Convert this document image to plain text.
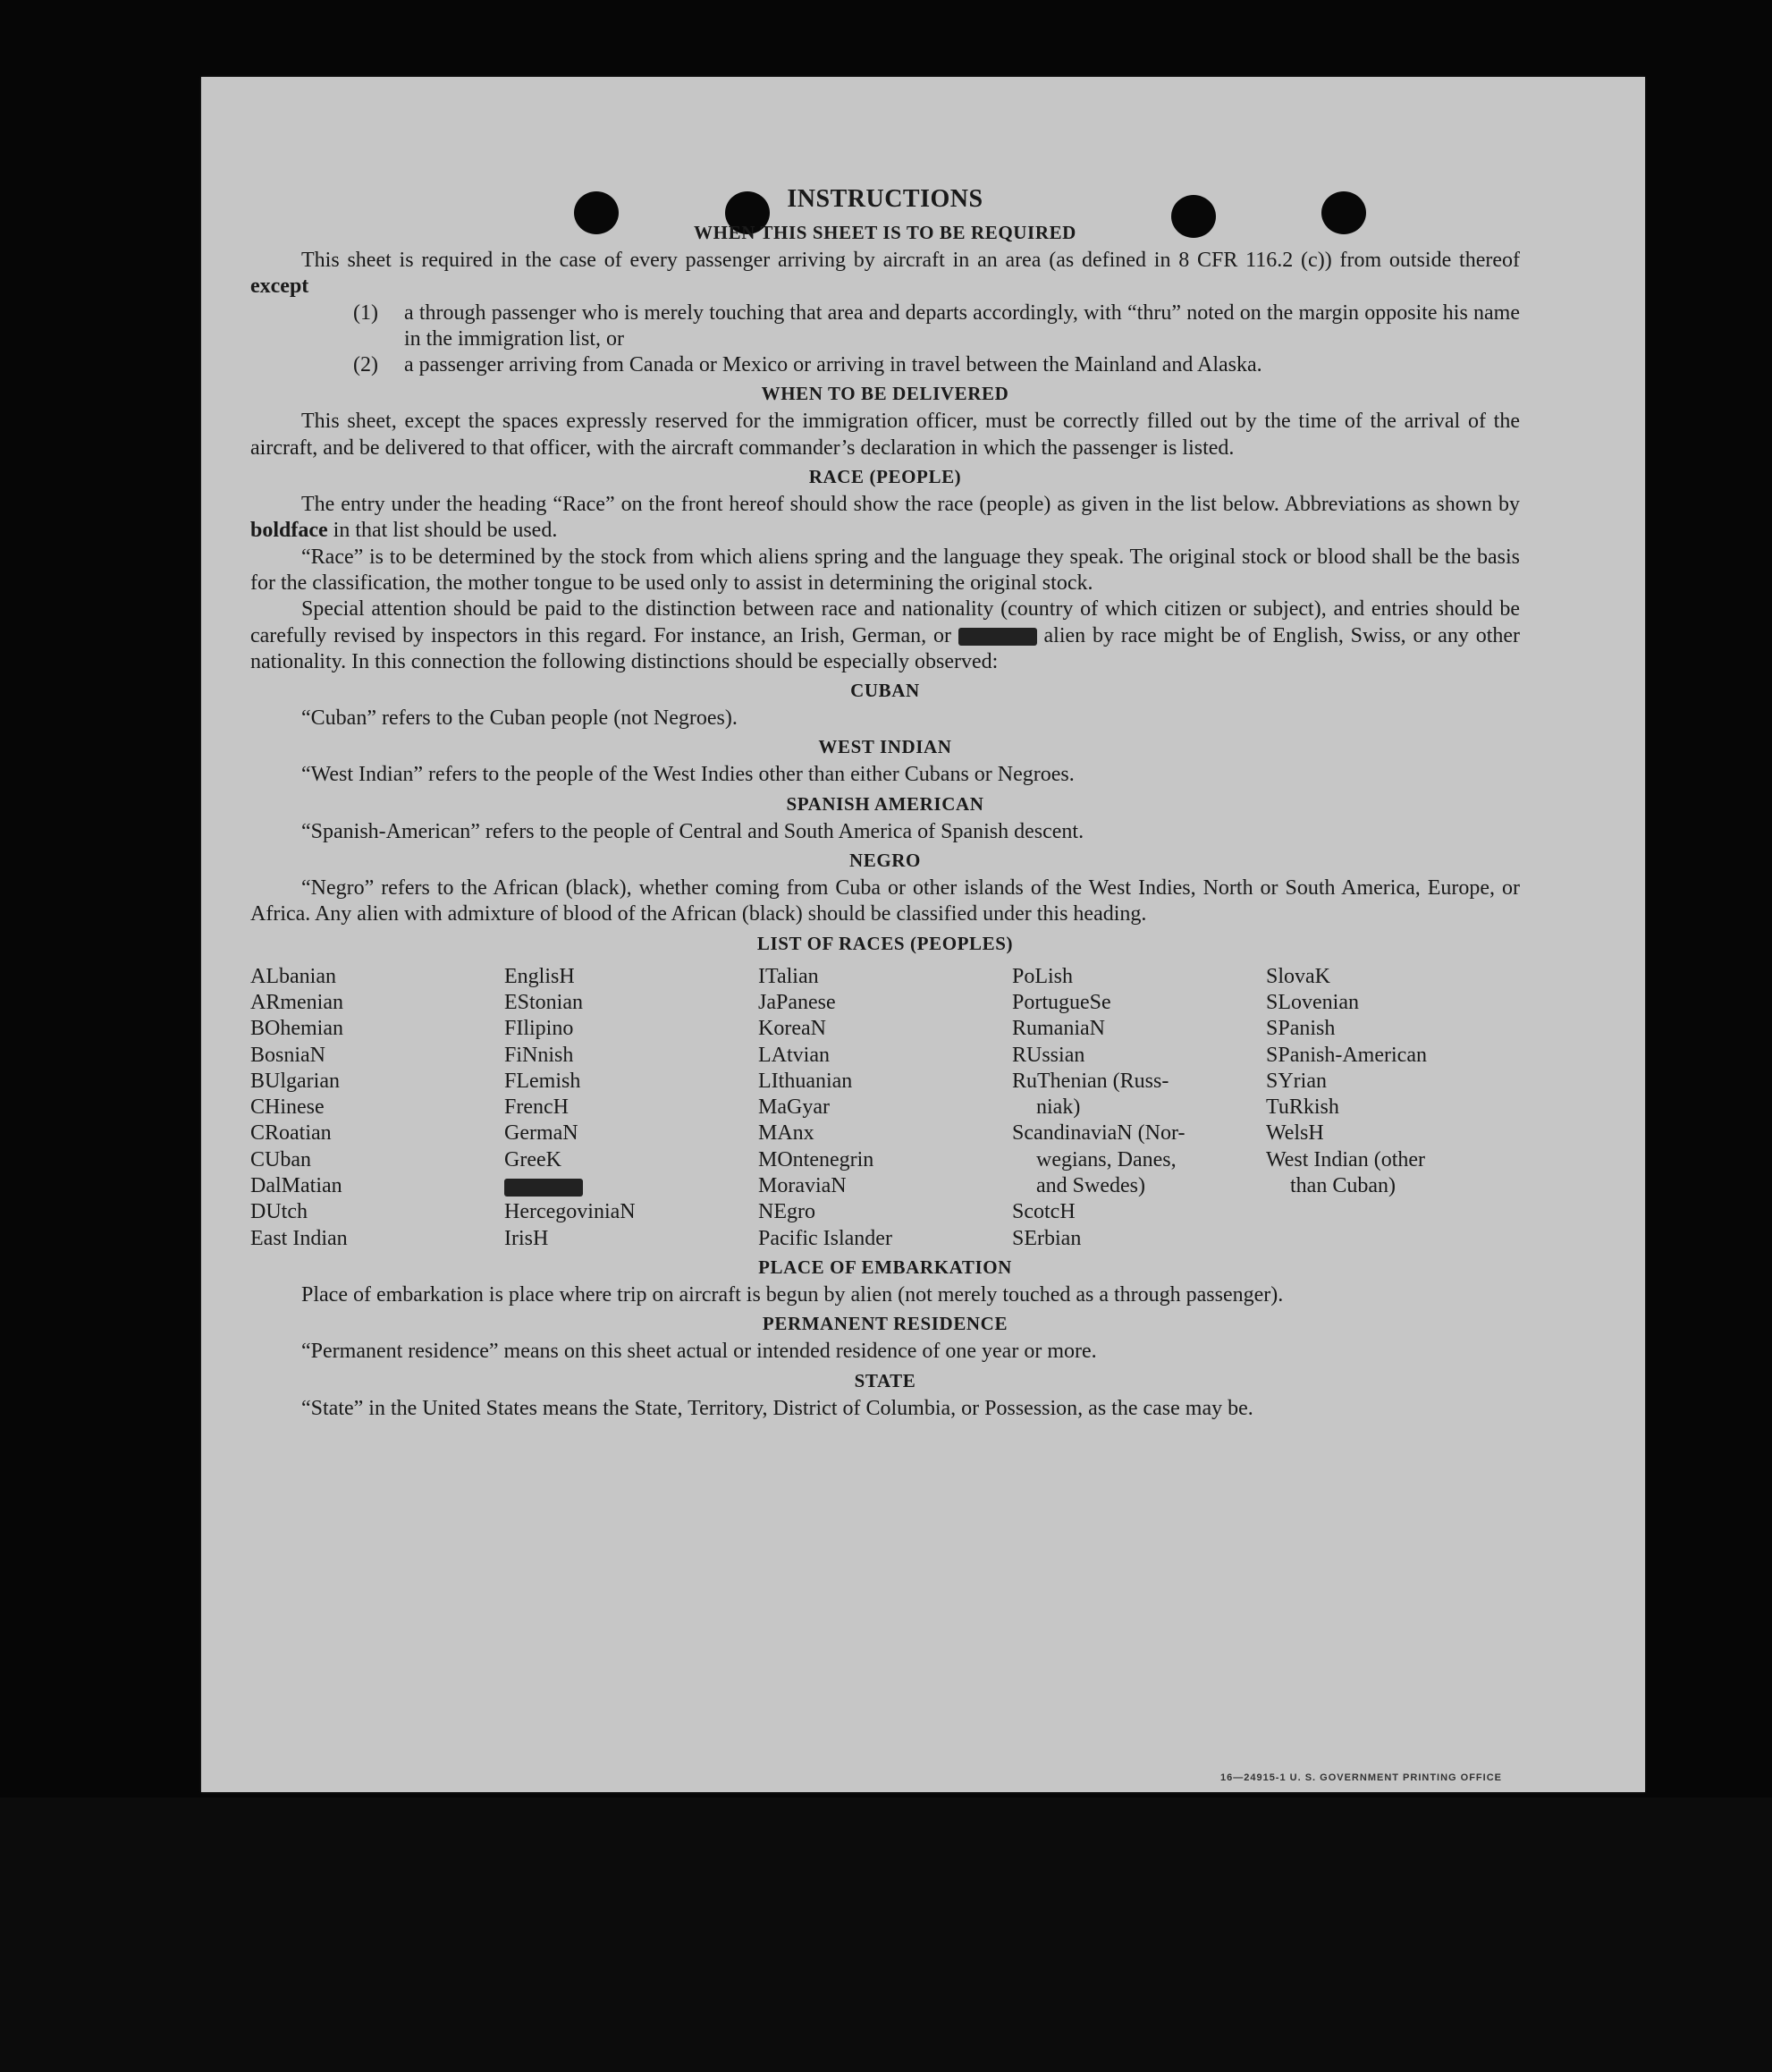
16—24915-1 U. S. GOVERNMENT PRINTING OFFICE
INSTRUCTIONS
WHEN THIS SHEET IS TO BE REQUIRED

This sheet is required in the case of every passenger arriving by aircraft in an area (as defined in 8 CFR 116.2 (c)) from outside thereof except

(1) a through passenger who is merely touching that area and departs accordingly, with “thru” noted on the margin opposite his name in the immigration list, or

(2) a passenger arriving from Canada or Mexico or arriving in travel between the Mainland and Alaska.

WHEN TO BE DELIVERED

This sheet, except the spaces expressly reserved for the immigration officer, must be correctly filled out by the time of the arrival of the aircraft, and be delivered to that officer, with the aircraft commander’s declaration in which the passenger is listed.

RACE (PEOPLE)

The entry under the heading “Race” on the front hereof should show the race (people) as given in the list below. Abbreviations as shown by boldface in that list should be used.

“Race” is to be determined by the stock from which aliens spring and the language they speak. The original stock or blood shall be the basis for the classification, the mother tongue to be used only to assist in determining the original stock.

Special attention should be paid to the distinction between race and nationality (country of which citizen or subject), and entries should be carefully revised by inspectors in this regard. For instance, an Irish, German, or	alien by race might be of English, Swiss, or any other nationality. In this connection the following distinctions should be especially observed:

CUBAN

“Cuban” refers to the Cuban people (not Negroes).

WEST INDIAN

“West Indian” refers to the people of the West Indies other than either Cubans or Negroes.

SPANISH AMERICAN

“Spanish-American” refers to the people of Central and South America of Spanish descent.

NEGRO

“Negro” refers to the African (black), whether coming from Cuba or other islands of the West Indies, North or South America, Europe, or Africa. Any alien with admixture of blood of the African (black) should be classified under this heading.

LIST OF RACES (PEOPLES)
ALbanian
ARmenian
BOhemian
BosniaN
BUlgarian
CHinese
CRoatian
CUban
DalMatian
DUtch
East Indian
EnglisH
EStonian
FIlipino
FiNnish
FLemish
FrencH
GermaN
GreeK
HercegoviniaN
IrisH
ITalian
JaPanese
KoreaN
LAtvian
LIthuanian
MaGyar
MAnx
MOntenegrin
MoraviaN
NEgro
Pacific Islander
PoLish
PortugueSe
RumaniaN
RUssian
RuThenian (Russ-
niak)
ScandinaviaN (Nor-
wegians, Danes,
and Swedes)
ScotcH
SErbian
SlovaK
SLovenian
SPanish
SPanish-American
SYrian
TuRkish
WelsH
West Indian (other
than Cuban)
PLACE OF EMBARKATION

Place of embarkation is place where trip on aircraft is begun by alien (not merely touched as a through passenger).

PERMANENT RESIDENCE

“Permanent residence” means on this sheet actual or intended residence of one year or more.

STATE

“State” in the United States means the State, Territory, District of Columbia, or Possession, as the case may be.
